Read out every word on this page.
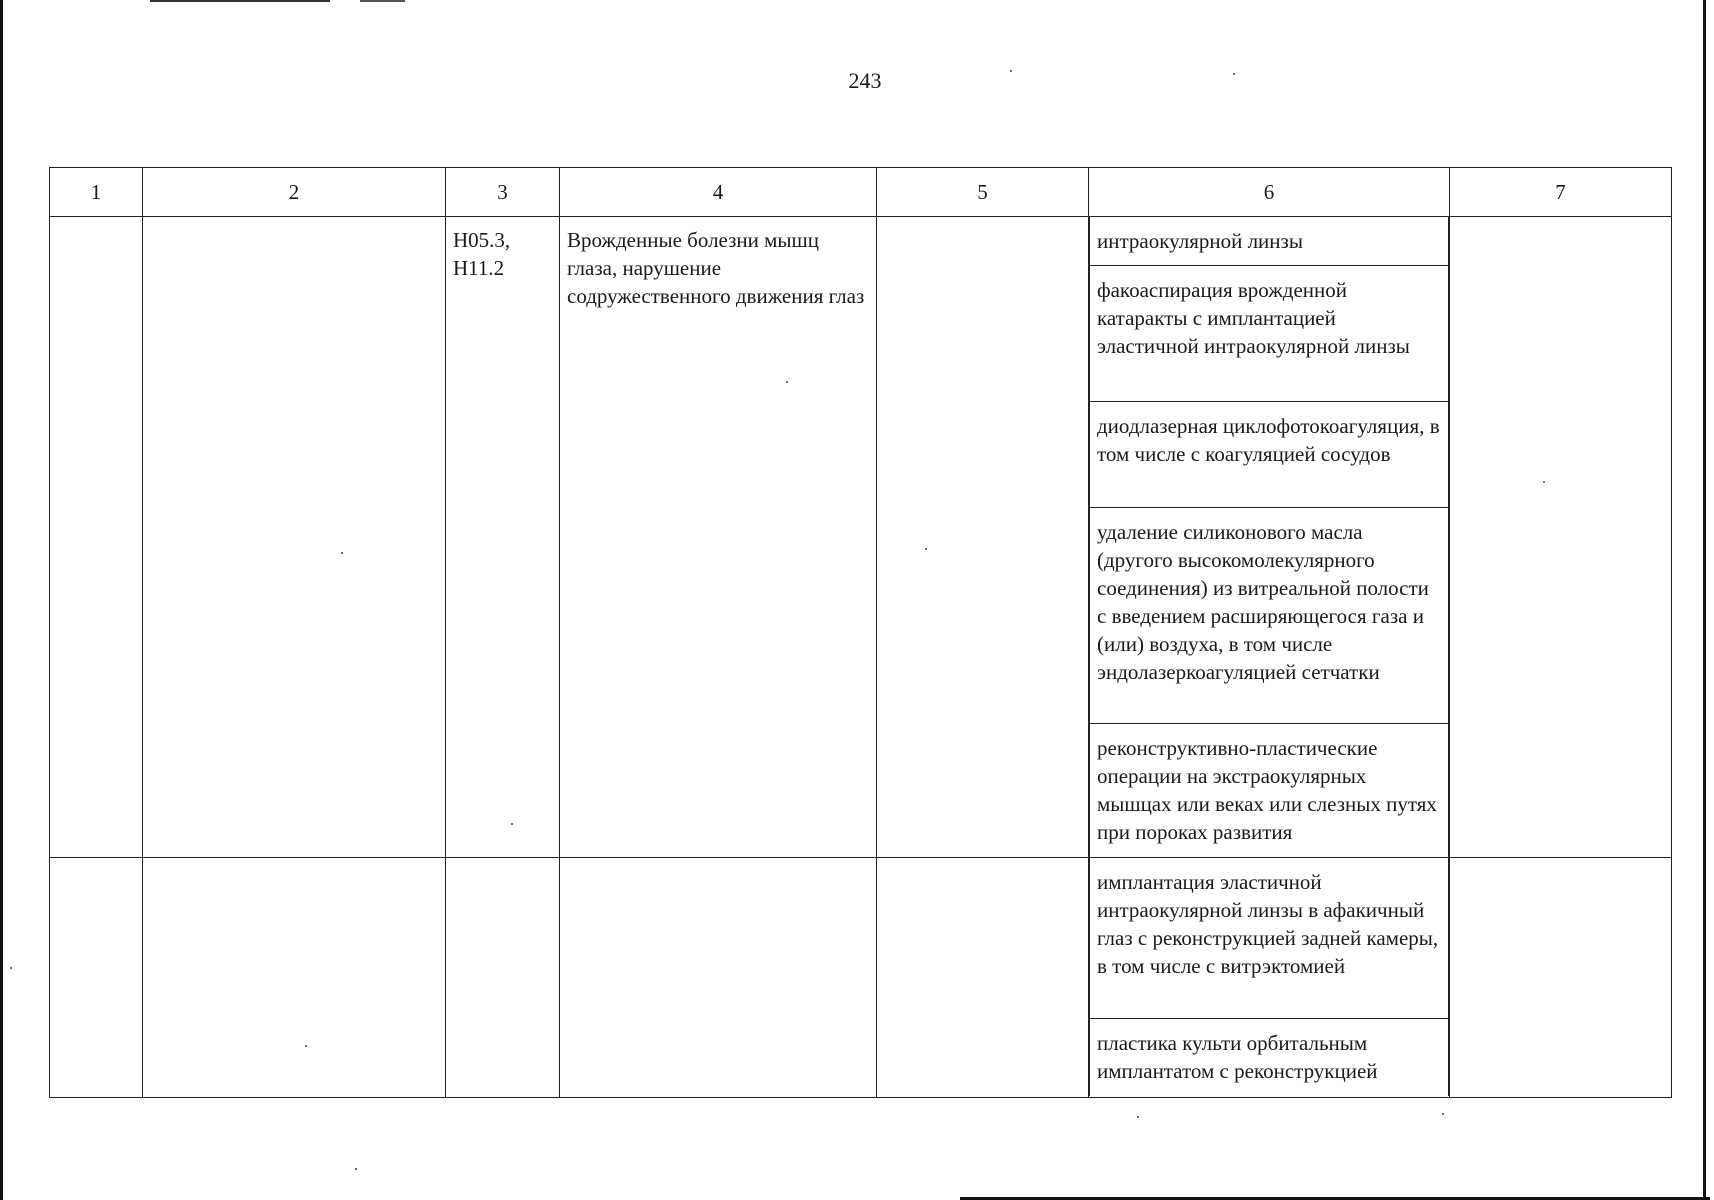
243
1	2	3	4	5	6	7
		H05.3, H11.2	Врожденные болезни мышц глаза, нарушение содружественного движения глаз		интраокулярной линзы
факоаспирация врожденной катаракты с имплантацией эластичной интраокулярной линзы
диодлазерная циклофотокоагуляция, в том числе с коагуляцией сосудов
удаление силиконового масла (другого высокомолекулярного соединения) из витреальной полости с введением расширяющегося газа и (или) воздуха, в том числе эндолазеркоагуляцией сетчатки
реконструктивно-пластические операции на экстраокулярных мышцах или веках или слезных путях при пороках развития	

					имплантация эластичной интраокулярной линзы в афакичный глаз с реконструкцией задней камеры, в том числе с витрэктомией
пластика культи орбитальным имплантатом с реконструкцией	
